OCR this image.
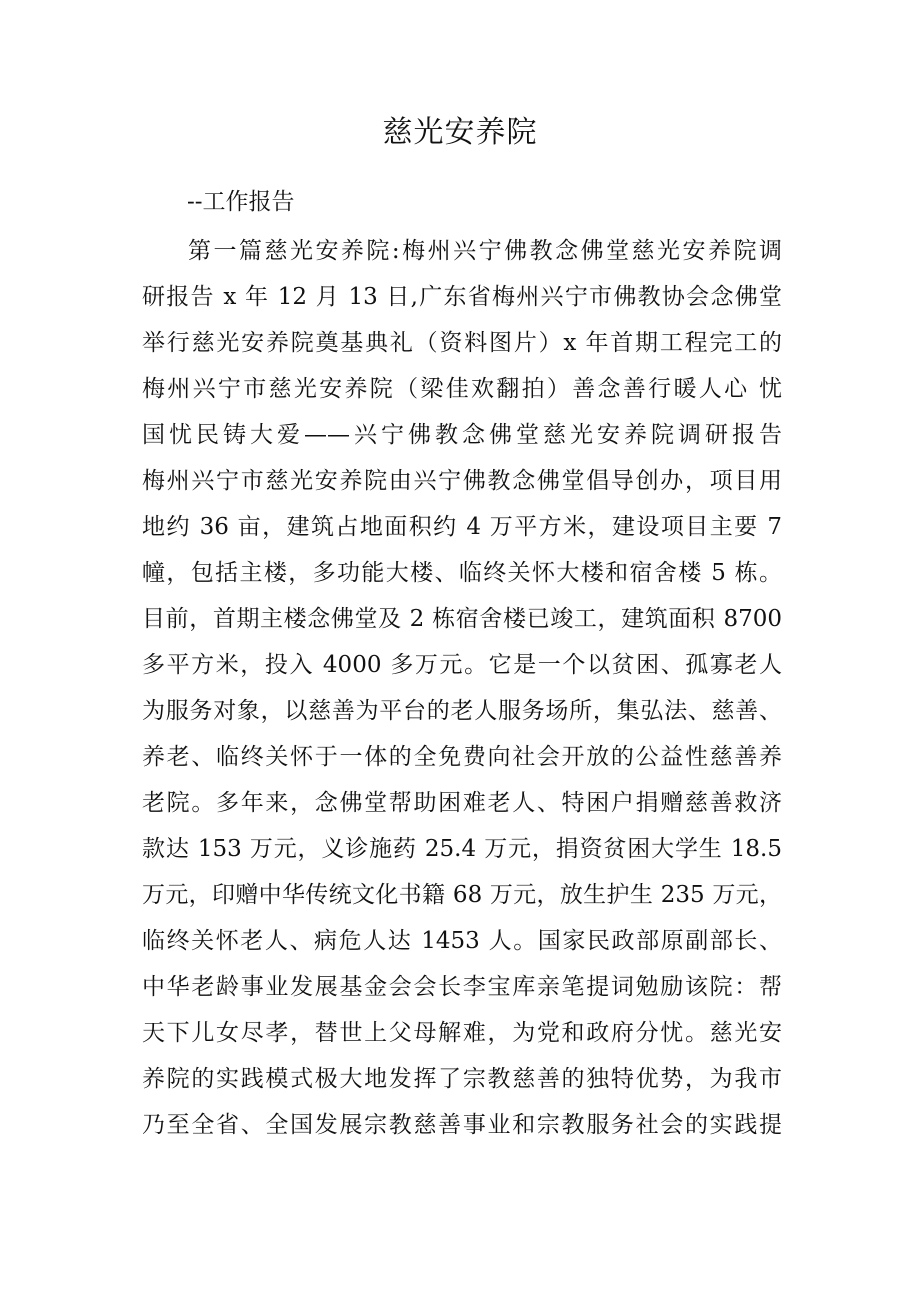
慈光安养院
--工作报告
第一篇慈光安养院:梅州兴宁佛教念佛堂慈光安养院调
研报告 x 年 12 月 13 日,广东省梅州兴宁市佛教协会念佛堂
举行慈光安养院奠基典礼（资料图片）x 年首期工程完工的
梅州兴宁市慈光安养院（梁佳欢翻拍）善念善行暖人心 忧
国忧民铸大爱——兴宁佛教念佛堂慈光安养院调研报告
梅州兴宁市慈光安养院由兴宁佛教念佛堂倡导创办，项目用
地约 36 亩，建筑占地面积约 4 万平方米，建设项目主要 7
幢，包括主楼，多功能大楼、临终关怀大楼和宿舍楼 5 栋。
目前，首期主楼念佛堂及 2 栋宿舍楼已竣工，建筑面积 8700
多平方米，投入 4000 多万元。它是一个以贫困、孤寡老人
为服务对象，以慈善为平台的老人服务场所，集弘法、慈善、
养老、临终关怀于一体的全免费向社会开放的公益性慈善养
老院。多年来，念佛堂帮助困难老人、特困户捐赠慈善救济
款达 153 万元，义诊施药 25.4 万元，捐资贫困大学生 18.5
万元，印赠中华传统文化书籍 68 万元，放生护生 235 万元，
临终关怀老人、病危人达 1453 人。国家民政部原副部长、
中华老龄事业发展基金会会长李宝库亲笔提词勉励该院：帮
天下儿女尽孝，替世上父母解难，为党和政府分忧。慈光安
养院的实践模式极大地发挥了宗教慈善的独特优势，为我市
乃至全省、全国发展宗教慈善事业和宗教服务社会的实践提
